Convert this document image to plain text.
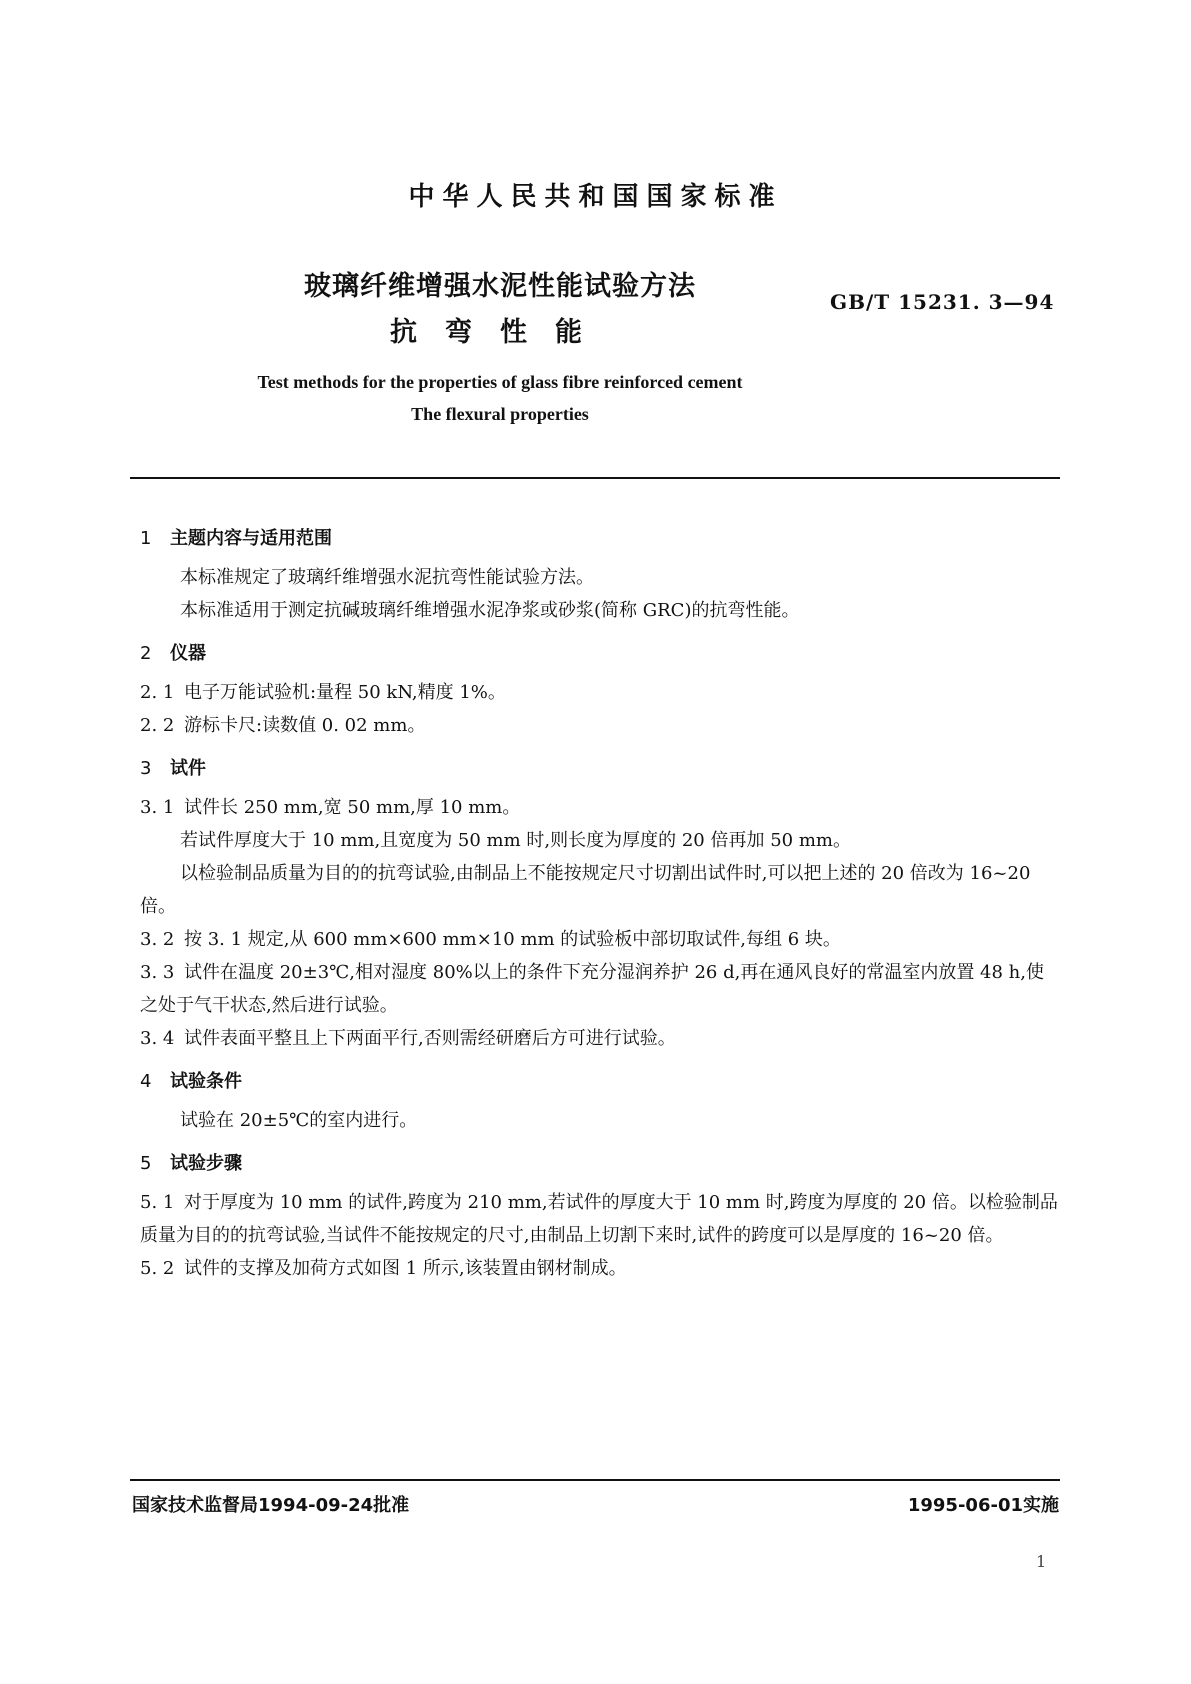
中华人民共和国国家标准
玻璃纤维增强水泥性能试验方法
抗弯性能
GB/T 15231. 3—94
Test methods for the properties of glass fibre reinforced cement
The flexural properties
1 主题内容与适用范围

本标准规定了玻璃纤维增强水泥抗弯性能试验方法。

本标准适用于测定抗碱玻璃纤维增强水泥净浆或砂浆(简称 GRC)的抗弯性能。

2 仪器

2. 1 电子万能试验机:量程 50 kN,精度 1%。

2. 2 游标卡尺:读数值 0. 02 mm。

3 试件

3. 1 试件长 250 mm,宽 50 mm,厚 10 mm。

若试件厚度大于 10 mm,且宽度为 50 mm 时,则长度为厚度的 20 倍再加 50 mm。

以检验制品质量为目的的抗弯试验,由制品上不能按规定尺寸切割出试件时,可以把上述的 20 倍改为 16~20 倍。

3. 2 按 3. 1 规定,从 600 mm×600 mm×10 mm 的试验板中部切取试件,每组 6 块。

3. 3 试件在温度 20±3℃,相对湿度 80%以上的条件下充分湿润养护 26 d,再在通风良好的常温室内放置 48 h,使之处于气干状态,然后进行试验。

3. 4 试件表面平整且上下两面平行,否则需经研磨后方可进行试验。

4 试验条件

试验在 20±5℃的室内进行。

5 试验步骤

5. 1 对于厚度为 10 mm 的试件,跨度为 210 mm,若试件的厚度大于 10 mm 时,跨度为厚度的 20 倍。以检验制品质量为目的的抗弯试验,当试件不能按规定的尺寸,由制品上切割下来时,试件的跨度可以是厚度的 16~20 倍。

5. 2 试件的支撑及加荷方式如图 1 所示,该装置由钢材制成。

国家技术监督局1994-09-24批准	1995-06-01实施
1
